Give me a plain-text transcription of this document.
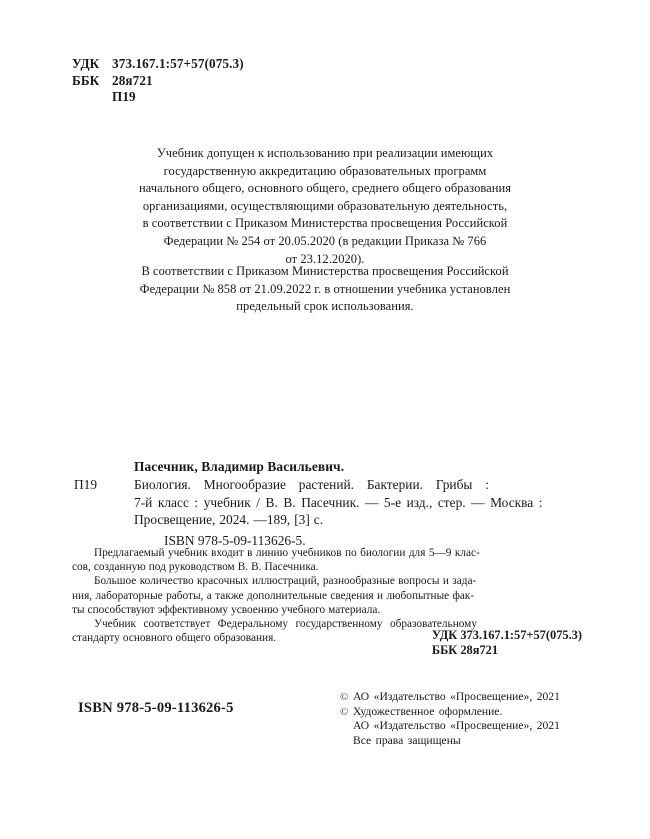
УДК 373.167.1:57+57(075.3)
ББК 28я721
П19
Учебник допущен к использованию при реализации имеющих
государственную аккредитацию образовательных программ
начального общего, основного общего, среднего общего образования
организациями, осуществляющими образовательную деятельность,
в соответствии с Приказом Министерства просвещения Российской
Федерации № 254 от 20.05.2020 (в редакции Приказа № 766
от 23.12.2020).
В соответствии с Приказом Министерства просвещения Российской
Федерации № 858 от 21.09.2022 г. в отношении учебника установлен
предельный срок использования.
Пасечник, Владимир Васильевич.
П19	Биология. Многообразие растений. Бактерии. Грибы :
7-й класс : учебник / В. В. Пасечник. — 5-е изд., стер. — Москва :
Просвещение, 2024. —189, [3] с.
ISBN 978-5-09-113626-5.

Предлагаемый учебник входит в линию учебников по биологии для 5—9 клас-
сов, созданную под руководством В. В. Пасечника.

Большое количество красочных иллюстраций, разнообразные вопросы и зада-
ния, лабораторные работы, а также дополнительные сведения и любопытные фак-
ты способствуют эффективному усвоению учебного материала.

Учебник соответствует Федеральному государственному образовательному
стандарту основного общего образования.	УДК 373.167.1:57+57(075.3)
ББК 28я721
ISBN 978-5-09-113626-5
© АО «Издательство «Просвещение», 2021
© Художественное оформление.
АО «Издательство «Просвещение», 2021
Все права защищены
